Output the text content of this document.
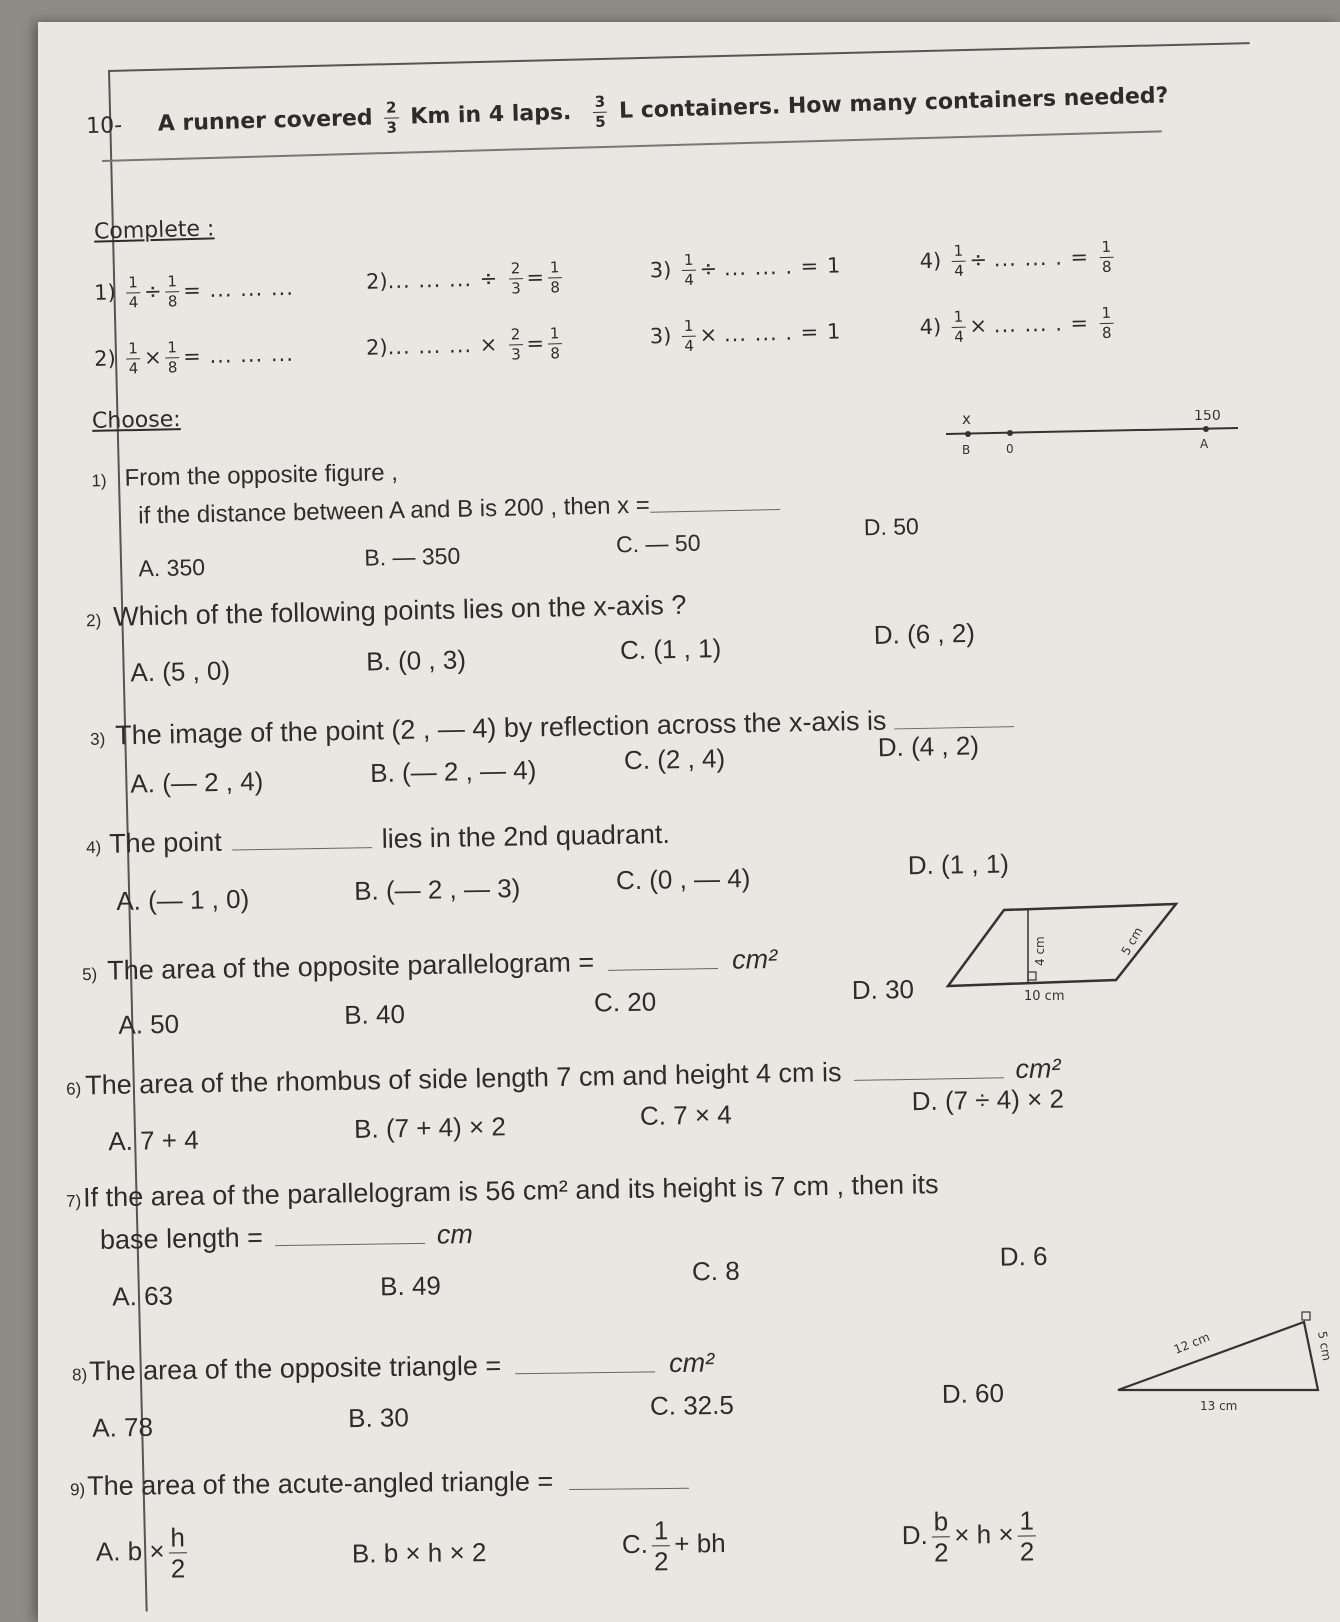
10- A runner covered $\frac{2}{3}$ Km in 4 laps. $\frac{3}{5}$ L containers. How many containers needed?
Complete :
$1) \frac{1}{4} \div \frac{1}{8}$ = ... ... ...	2)... ... ... ÷ $\frac{2}{3} = \frac{1}{8}$	$3) \frac{1}{4}$ ÷ ... ... . = 1	$4) \frac{1}{4}$ ÷ ... ... . = $\frac{1}{8}$
$2) \frac{1}{4} \times \frac{1}{8}$ = ... ... ...	2)... ... ... × $\frac{2}{3} = \frac{1}{8}$	$3) \frac{1}{4}$ × ... ... . = 1	$4) \frac{1}{4}$ × ... ... . = $\frac{1}{8}$
Choose:	x	150
B	0	A
1) From the opposite figure ,
if the distance between A and B is 200 , then x =
A. 350	B. — 350	C. — 50
D. 50
2) Which of the following points lies on the x-axis ?
A. (5 , 0)	B. (0 , 3)	C. (1 , 1)	D. (6 , 2)
3) The image of the point (2 , — 4) by reflection across the x-axis is
A. (— 2 , 4)	B. (— 2 , — 4)	C. (2 , 4)	D. (4 , 2)
4) The point	lies in the 2nd quadrant.
A. (— 1 , 0)	B. (— 2 , — 3)	C. (0 , — 4)	D. (1 , 1)
4 cm	5 cm
10 cm
5) The area of the opposite parallelogram =	cm²
A. 50	B. 40	C. 20	D. 30
6) The area of the rhombus of side length 7 cm and height 4 cm is	cm²
A. 7 + 4	B. (7 + 4) × 2	C. 7 × 4	D. (7 ÷ 4) × 2
7)If the area of the parallelogram is 56 cm² and its height is 7 cm , then its
base length =	cm
A. 63	B. 49	C. 8	D. 6
12 cm	5 cm
13 cm
8)The area of the opposite triangle =	cm²
A. 78	B. 30	C. 32.5	D. 60
9)The area of the acute-angled triangle =
A. $b \times \frac{h}{2}$	B. b × h × 2	C. $\frac{1}{2}$ + bh	D. $\frac{b}{2} \times h \times \frac{1}{2}$
